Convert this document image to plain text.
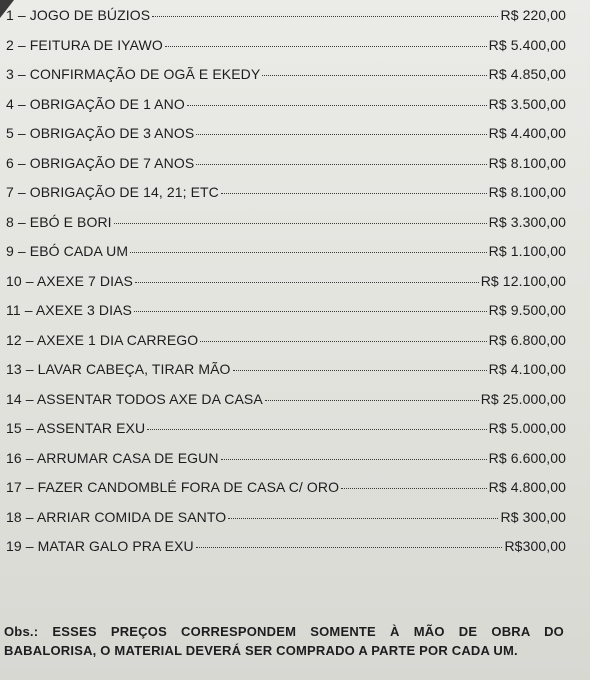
1 – JOGO DE BÚZIOS	R$ 220,00
2 – FEITURA DE IYAWO	R$ 5.400,00
3 – CONFIRMAÇÃO DE OGÃ E EKEDY	R$ 4.850,00
4 – OBRIGAÇÃO DE 1 ANO	R$ 3.500,00
5 – OBRIGAÇÃO DE 3 ANOS	R$ 4.400,00
6 – OBRIGAÇÃO DE 7 ANOS	R$ 8.100,00
7 – OBRIGAÇÃO DE 14, 21; ETC	R$ 8.100,00
8 – EBÓ E BORI	R$ 3.300,00
9 – EBÓ CADA UM	R$ 1.100,00
10 – AXEXE 7 DIAS	R$ 12.100,00
11 – AXEXE 3 DIAS	R$ 9.500,00
12 – AXEXE 1 DIA CARREGO	R$ 6.800,00
13 – LAVAR CABEÇA, TIRAR MÃO	R$ 4.100,00
14 – ASSENTAR TODOS AXE DA CASA	R$ 25.000,00
15 – ASSENTAR EXU	R$ 5.000,00
16 – ARRUMAR CASA DE EGUN	R$ 6.600,00
17 – FAZER CANDOMBLÉ FORA DE CASA C/ ORO	R$ 4.800,00
18 – ARRIAR COMIDA DE SANTO	R$ 300,00
19 – MATAR GALO PRA EXU	R$300,00

Obs.: ESSES PREÇOS CORRESPONDEM SOMENTE À MÃO DE OBRA DO BABALORISA, O MATERIAL DEVERÁ SER COMPRADO A PARTE POR CADA UM.
